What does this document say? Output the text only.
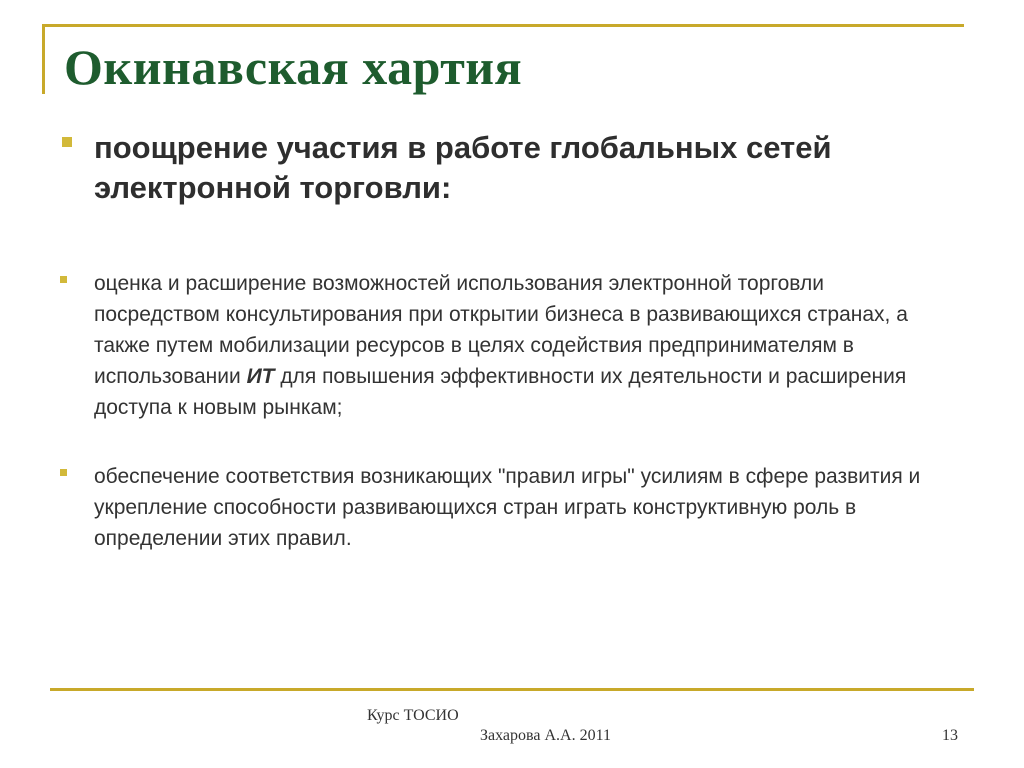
Окинавская хартия
поощрение участия в работе глобальных сетей электронной торговли:
оценка и расширение возможностей использования электронной торговли посредством консультирования при открытии бизнеса в развивающихся странах, а также путем мобилизации ресурсов в целях содействия предпринимателям в использовании ИТ для повышения эффективности их деятельности и расширения доступа к новым рынкам;
обеспечение соответствия возникающих "правил игры" усилиям в сфере развития и укрепление способности развивающихся стран играть конструктивную роль в определении этих правил.
Курс ТОСИО
Захарова А.А. 2011	13
